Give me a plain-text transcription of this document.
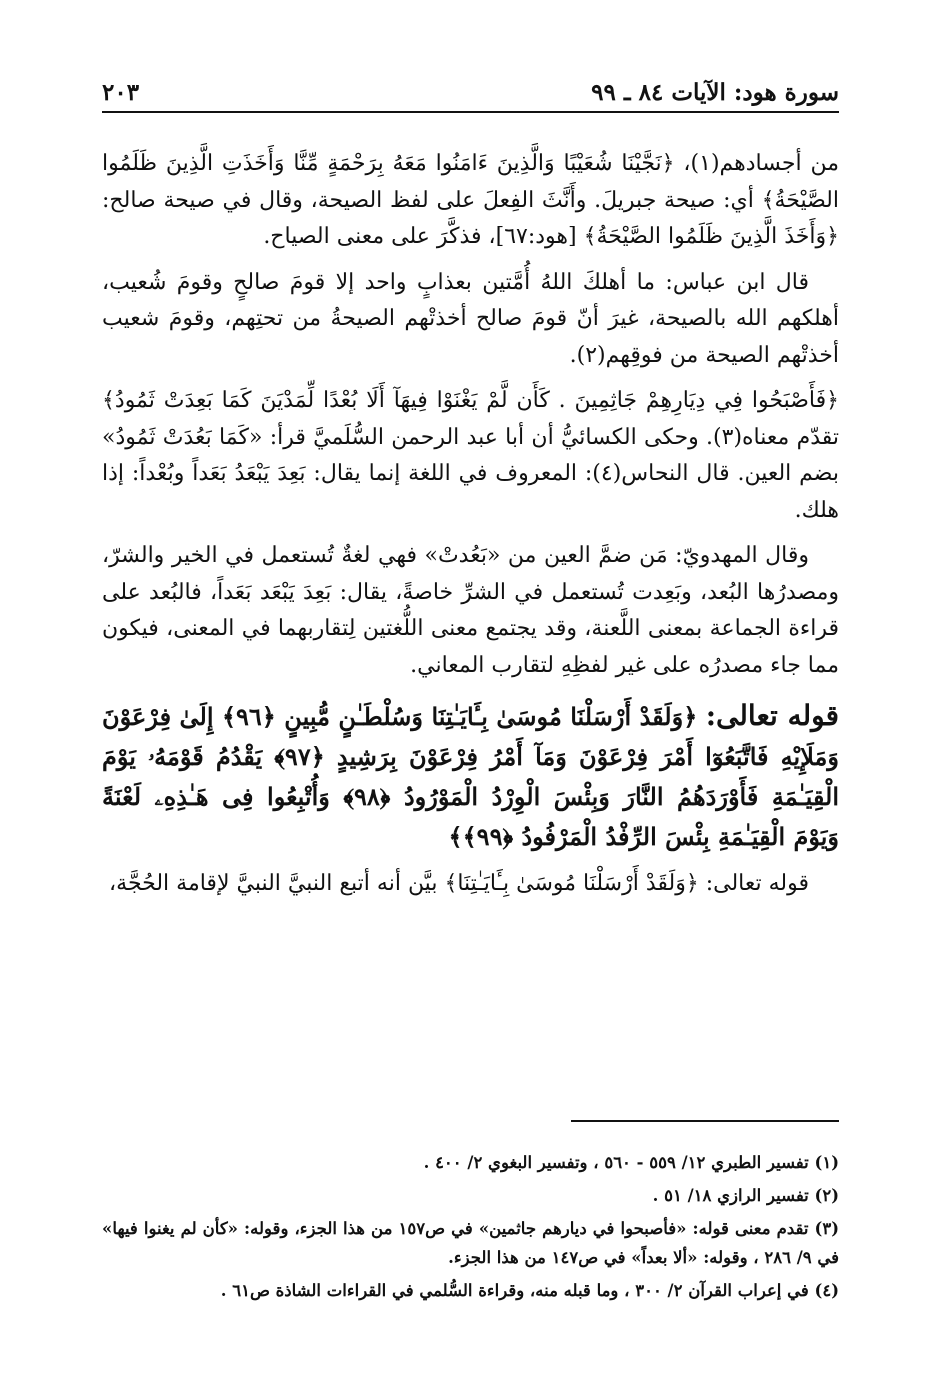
سورة هود: الآيات ٨٤ ـ ٩٩
٢٠٣

من أجسادهم(١)، ﴿نَجَّيْنَا شُعَيْبًا وَالَّذِينَ ءَامَنُوا مَعَهُ بِرَحْمَةٍ مِّنَّا وَأَخَذَتِ الَّذِينَ ظَلَمُوا الصَّيْحَةُ﴾ أي: صيحة جبريلَ. وأَنَّثَ الفِعلَ على لفظ الصيحة، وقال في صيحة صالح: ﴿وَأَخَذَ الَّذِينَ ظَلَمُوا الصَّيْحَةُ﴾ [هود:٦٧]، فذكَّرَ على معنى الصياح.

قال ابن عباس: ما أهلكَ اللهُ أُمَّتين بعذابٍ واحد إلا قومَ صالحٍ وقومَ شُعيب، أهلكهم الله بالصيحة، غيرَ أنّ قومَ صالح أخذتْهم الصيحةُ من تحتِهم، وقومَ شعيب أخذتْهم الصيحة من فوقِهم(٢).

﴿فَأَصْبَحُوا فِي دِيَارِهِمْ جَاثِمِينَ . كَأَن لَّمْ يَغْنَوْا فِيهَآ أَلَا بُعْدًا لِّمَدْيَنَ كَمَا بَعِدَتْ ثَمُودُ﴾ تقدّم معناه(٣). وحكى الكسائيُّ أن أبا عبد الرحمن السُّلَميَّ قرأ: «كَمَا بَعُدَتْ ثَمُودُ» بضم العين. قال النحاس(٤): المعروف في اللغة إنما يقال: بَعِدَ يَبْعَدُ بَعَداً وبُعْداً: إذا هلك.

وقال المهدويّ: مَن ضمَّ العين من «بَعُدتْ» فهي لغةٌ تُستعمل في الخير والشرّ، ومصدرُها البُعد، وبَعِدت تُستعمل في الشرِّ خاصةً، يقال: بَعِدَ يَبْعَد بَعَداً، فالبُعد على قراءة الجماعة بمعنى اللَّعنة، وقد يجتمع معنى اللُّغتين لِتقاربهما في المعنى، فيكون مما جاء مصدرُه على غير لفظِهِ لتقارب المعاني.

قوله تعالى: ﴿وَلَقَدْ أَرْسَلْنَا مُوسَىٰ بِـَٔايَـٰتِنَا وَسُلْطَـٰنٍ مُّبِينٍ ﴿٩٦﴾ إِلَىٰ فِرْعَوْنَ وَمَلَإِيْهِ فَاتَّبَعُوٓا أَمْرَ فِرْعَوْنَ وَمَآ أَمْرُ فِرْعَوْنَ بِرَشِيدٍ ﴿٩٧﴾ يَقْدُمُ قَوْمَهُۥ يَوْمَ الْقِيَـٰمَةِ فَأَوْرَدَهُمُ النَّارَ وَبِئْسَ الْوِرْدُ الْمَوْرُودُ ﴿٩٨﴾ وَأُتْبِعُوا فِى هَـٰذِهِۦ لَعْنَةً وَيَوْمَ الْقِيَـٰمَةِ بِئْسَ الرِّفْدُ الْمَرْفُودُ ﴿٩٩﴾﴾

قوله تعالى: ﴿وَلَقَدْ أَرْسَلْنَا مُوسَىٰ بِـَٔايَـٰتِنَا﴾ بيَّن أنه أتبع النبيَّ النبيَّ لإقامة الحُجَّة،

(١) تفسير الطبري ١٢/ ٥٥٩ - ٥٦٠ ، وتفسير البغوي ٢/ ٤٠٠ .

(٢) تفسير الرازي ١٨/ ٥١ .

(٣) تقدم معنى قوله: «فأصبحوا في ديارهم جاثمين» في ص١٥٧ من هذا الجزء، وقوله: «كأن لم يغنوا فيها» في ٩/ ٢٨٦ ، وقوله: «ألا بعداً» في ص١٤٧ من هذا الجزء.

(٤) في إعراب القرآن ٢/ ٣٠٠ ، وما قبله منه، وقراءة السُّلمي في القراءات الشاذة ص٦١ .
